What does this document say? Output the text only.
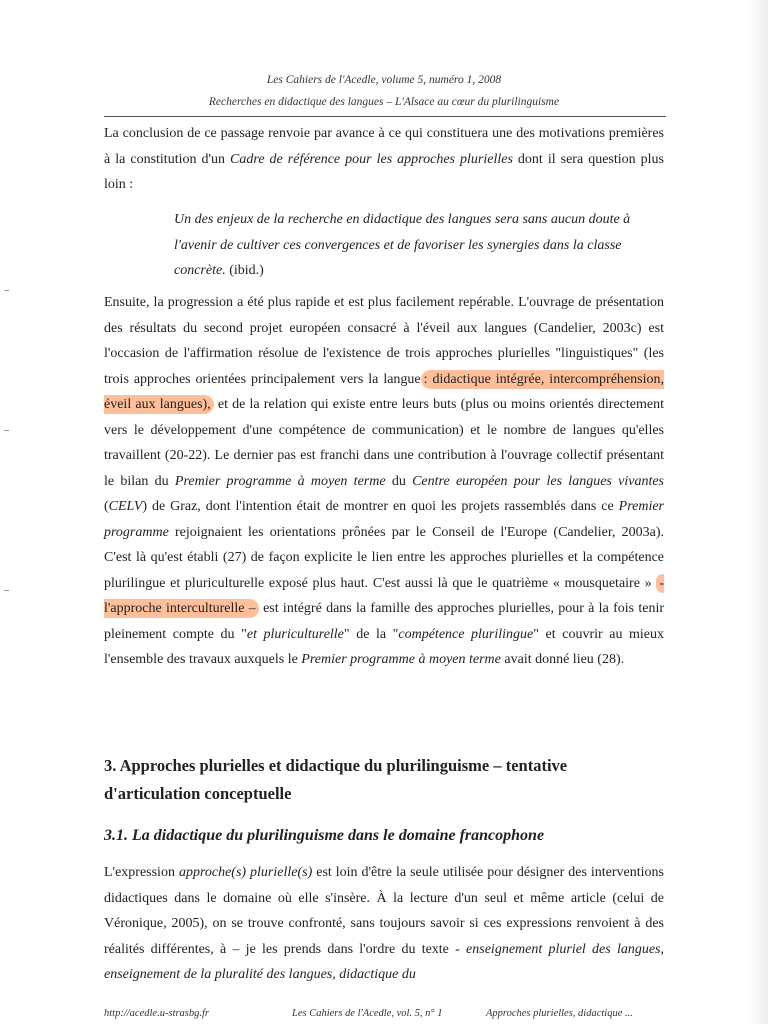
Les Cahiers de l'Acedle, volume 5, numéro 1, 2008
Recherches en didactique des langues – L'Alsace au cœur du plurilinguisme

La conclusion de ce passage renvoie par avance à ce qui constituera une des motivations premières à la constitution d'un Cadre de référence pour les approches plurielles dont il sera question plus loin :

Un des enjeux de la recherche en didactique des langues sera sans aucun doute à l'avenir de cultiver ces convergences et de favoriser les synergies dans la classe concrète. (ibid.)

Ensuite, la progression a été plus rapide et est plus facilement repérable. L'ouvrage de présentation des résultats du second projet européen consacré à l'éveil aux langues (Candelier, 2003c) est l'occasion de l'affirmation résolue de l'existence de trois approches plurielles "linguistiques" (les trois approches orientées principalement vers la langue : didactique intégrée, intercompréhension, éveil aux langues), et de la relation qui existe entre leurs buts (plus ou moins orientés directement vers le développement d'une compétence de communication) et le nombre de langues qu'elles travaillent (20-22). Le dernier pas est franchi dans une contribution à l'ouvrage collectif présentant le bilan du Premier programme à moyen terme du Centre européen pour les langues vivantes (CELV) de Graz, dont l'intention était de montrer en quoi les projets rassemblés dans ce Premier programme rejoignaient les orientations prônées par le Conseil de l'Europe (Candelier, 2003a). C'est là qu'est établi (27) de façon explicite le lien entre les approches plurielles et la compétence plurilingue et pluriculturelle exposé plus haut. C'est aussi là que le quatrième « mousquetaire » - l'approche interculturelle – est intégré dans la famille des approches plurielles, pour à la fois tenir pleinement compte du "et pluriculturelle" de la "compétence plurilingue" et couvrir au mieux l'ensemble des travaux auxquels le Premier programme à moyen terme avait donné lieu (28).

3. Approches plurielles et didactique du plurilinguisme – tentative d'articulation conceptuelle
3.1. La didactique du plurilinguisme dans le domaine francophone

L'expression approche(s) plurielle(s) est loin d'être la seule utilisée pour désigner des interventions didactiques dans le domaine où elle s'insère. À la lecture d'un seul et même article (celui de Véronique, 2005), on se trouve confronté, sans toujours savoir si ces expressions renvoient à des réalités différentes, à – je les prends dans l'ordre du texte - enseignement pluriel des langues, enseignement de la pluralité des langues, didactique du

http://acedle.u-strasbg.fr	Les Cahiers de l'Acedle, vol. 5, n° 1	Approches plurielles, didactique ...
